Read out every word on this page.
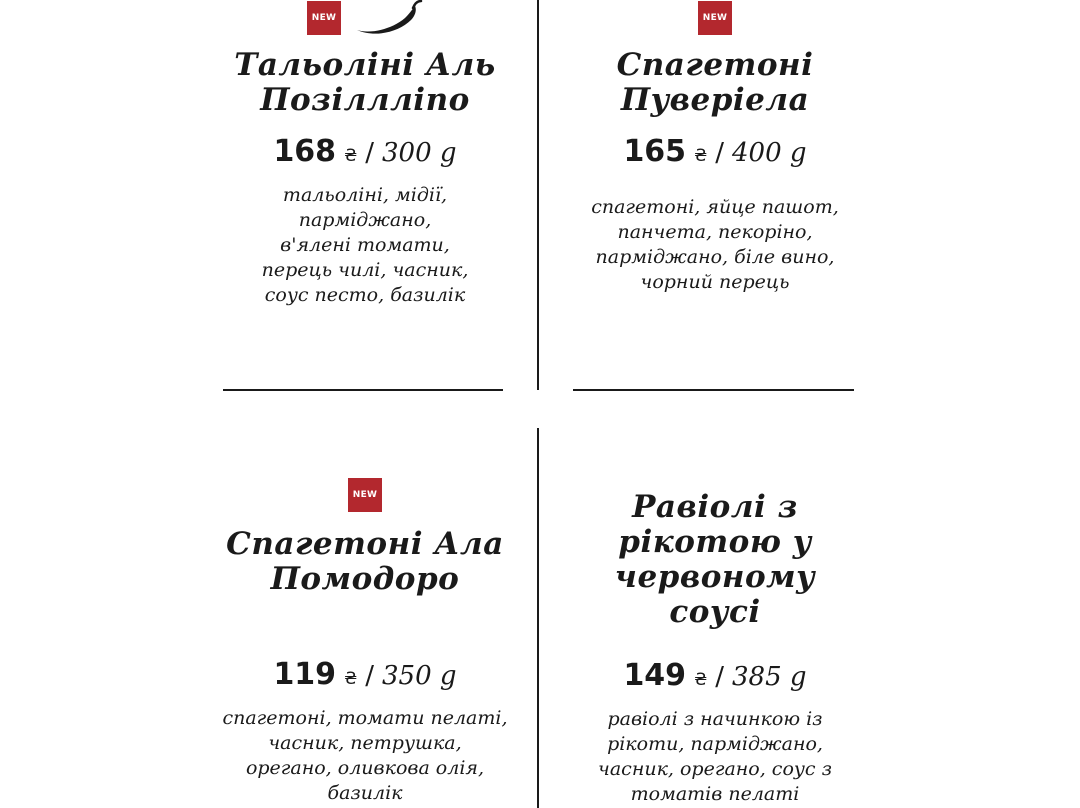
NEW
Тальоліні Аль
Позіллліпо
168 ₴ / 300 g
тальоліні, мідії,
парміджано,
в'ялені томати,
перець чилі, часник,
соус песто, базилік
NEW
Спагетоні
Пуверіела
165 ₴ / 400 g
спагетоні, яйце пашот,
панчета, пекоріно,
парміджано, біле вино,
чорний перець
NEW
Спагетоні Ала
Помодоро
119 ₴ / 350 g
спагетоні, томати пелаті,
часник, петрушка,
орегано, оливкова олія,
базилік
Равіолі з
рікотою у
червоному
соусі
149 ₴ / 385 g
равіолі з начинкою із
рікоти, парміджано,
часник, орегано, соус з
томатів пелаті
